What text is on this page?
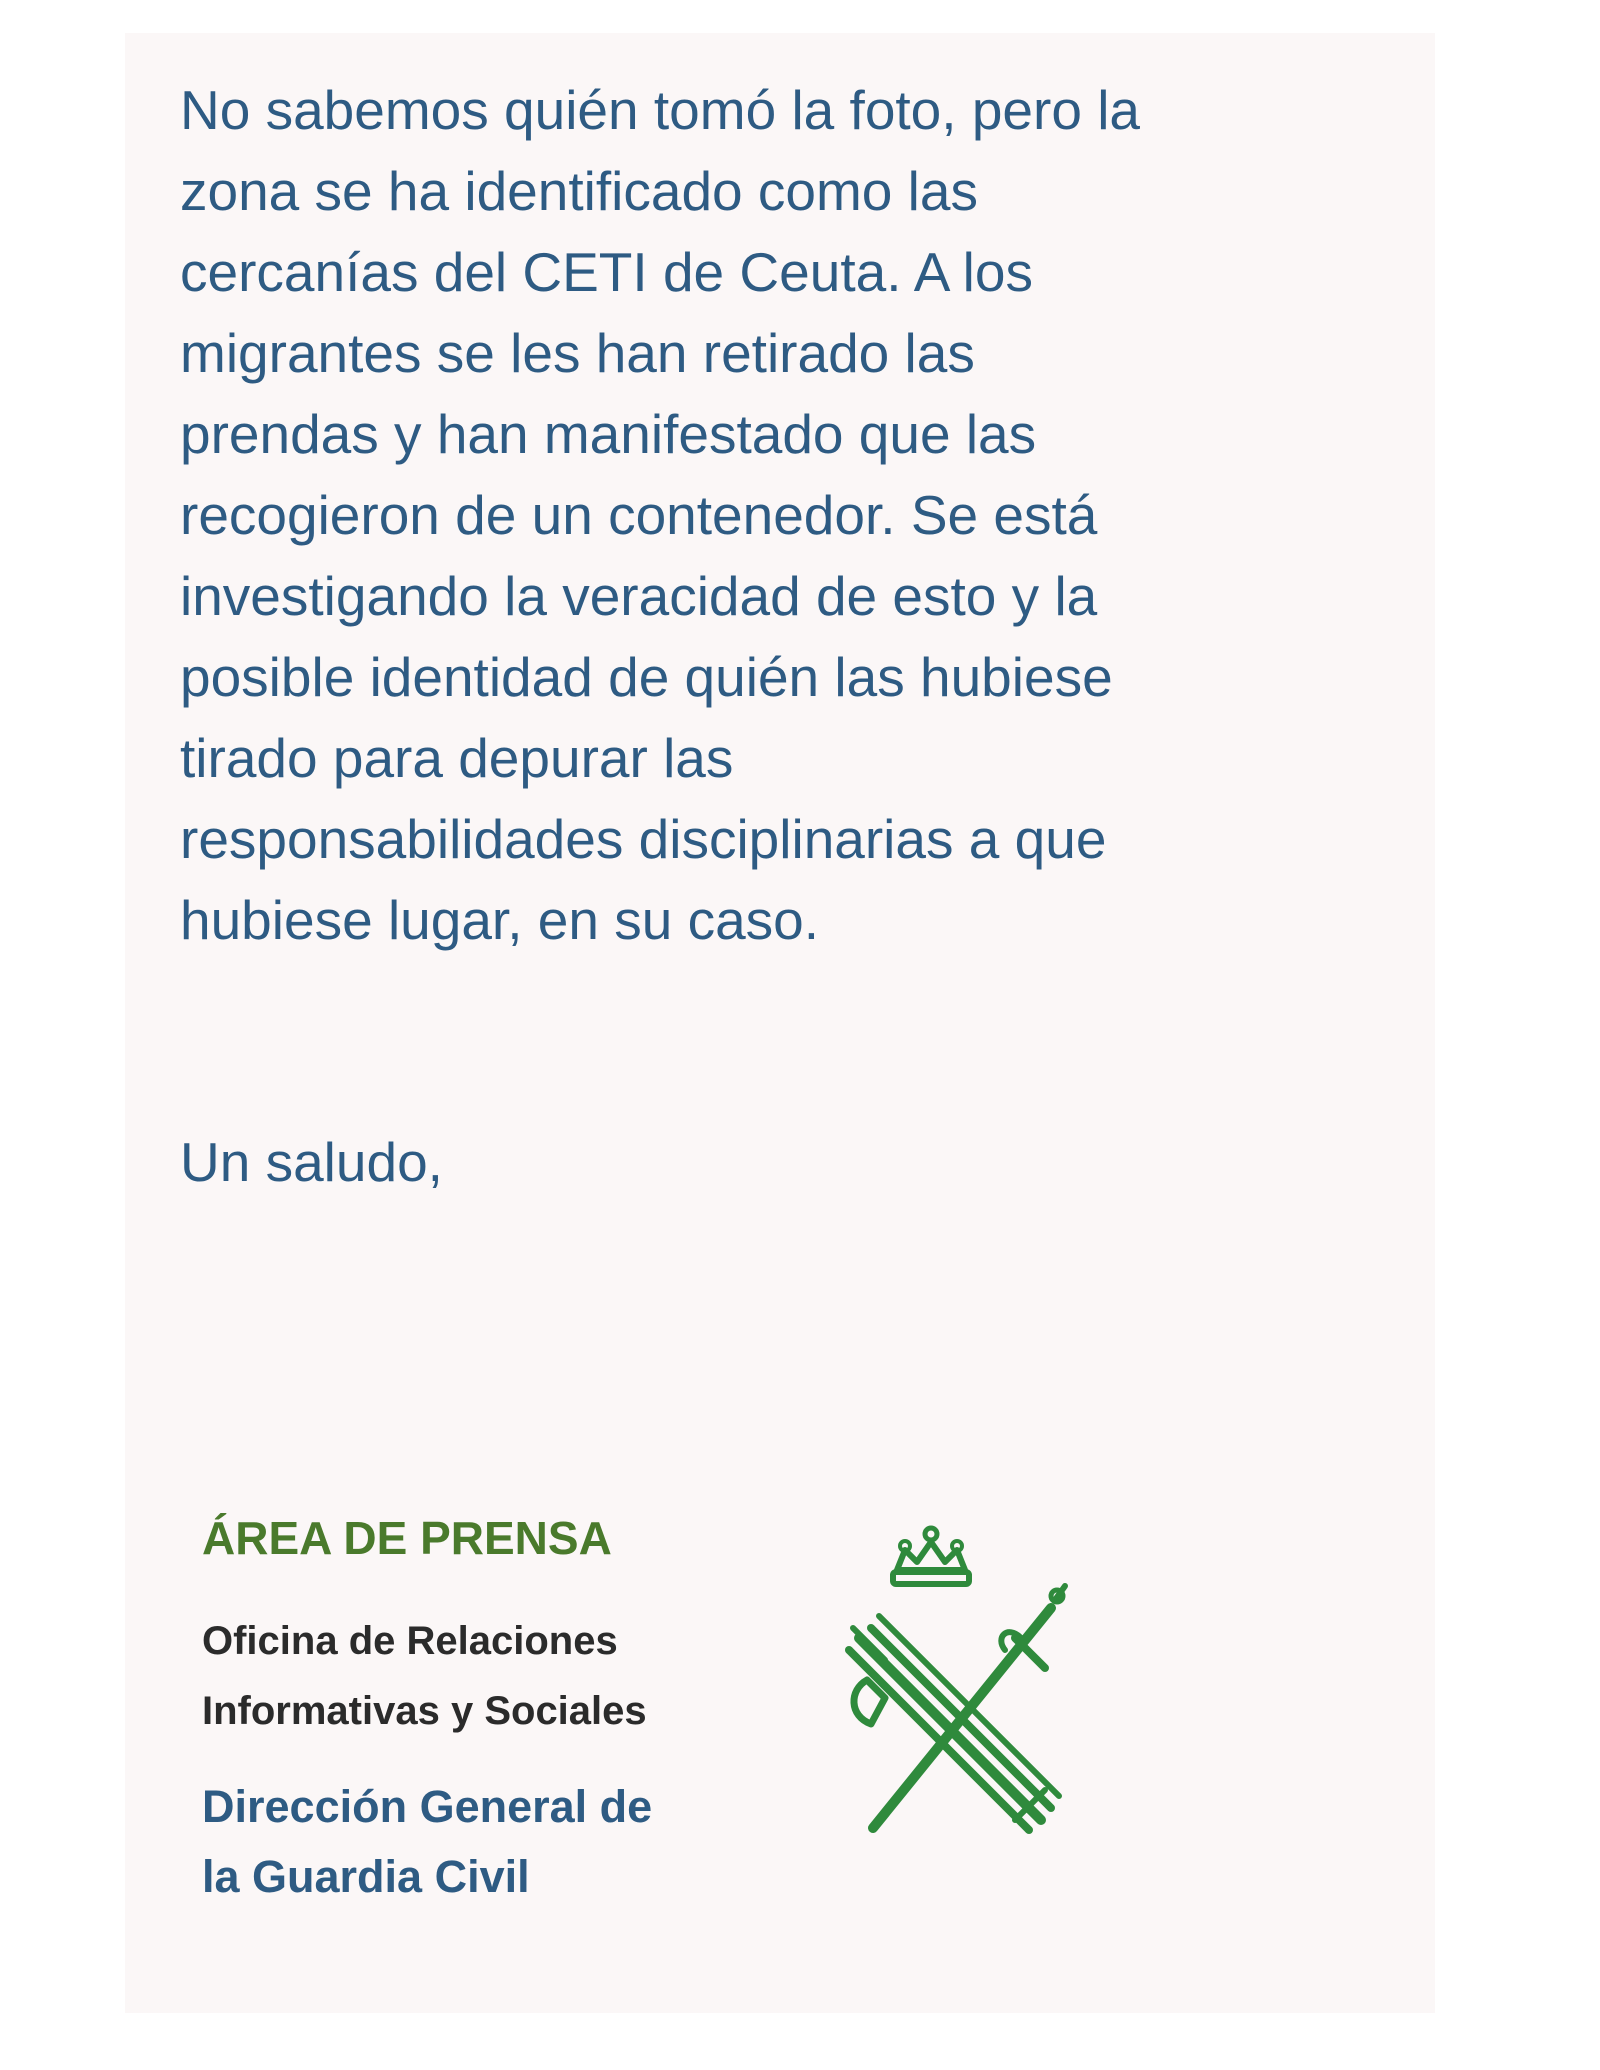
No sabemos quién tomó la foto, pero la
zona se ha identificado como las
cercanías del CETI de Ceuta. A los
migrantes se les han retirado las
prendas y han manifestado que las
recogieron de un contenedor. Se está
investigando la veracidad de esto y la
posible identidad de quién las hubiese
tirado para depurar las
responsabilidades disciplinarias a que
hubiese lugar, en su caso.

Un saludo,

ÁREA DE PRENSA

Oficina de Relaciones
Informativas y Sociales

Dirección General de
la Guardia Civil
